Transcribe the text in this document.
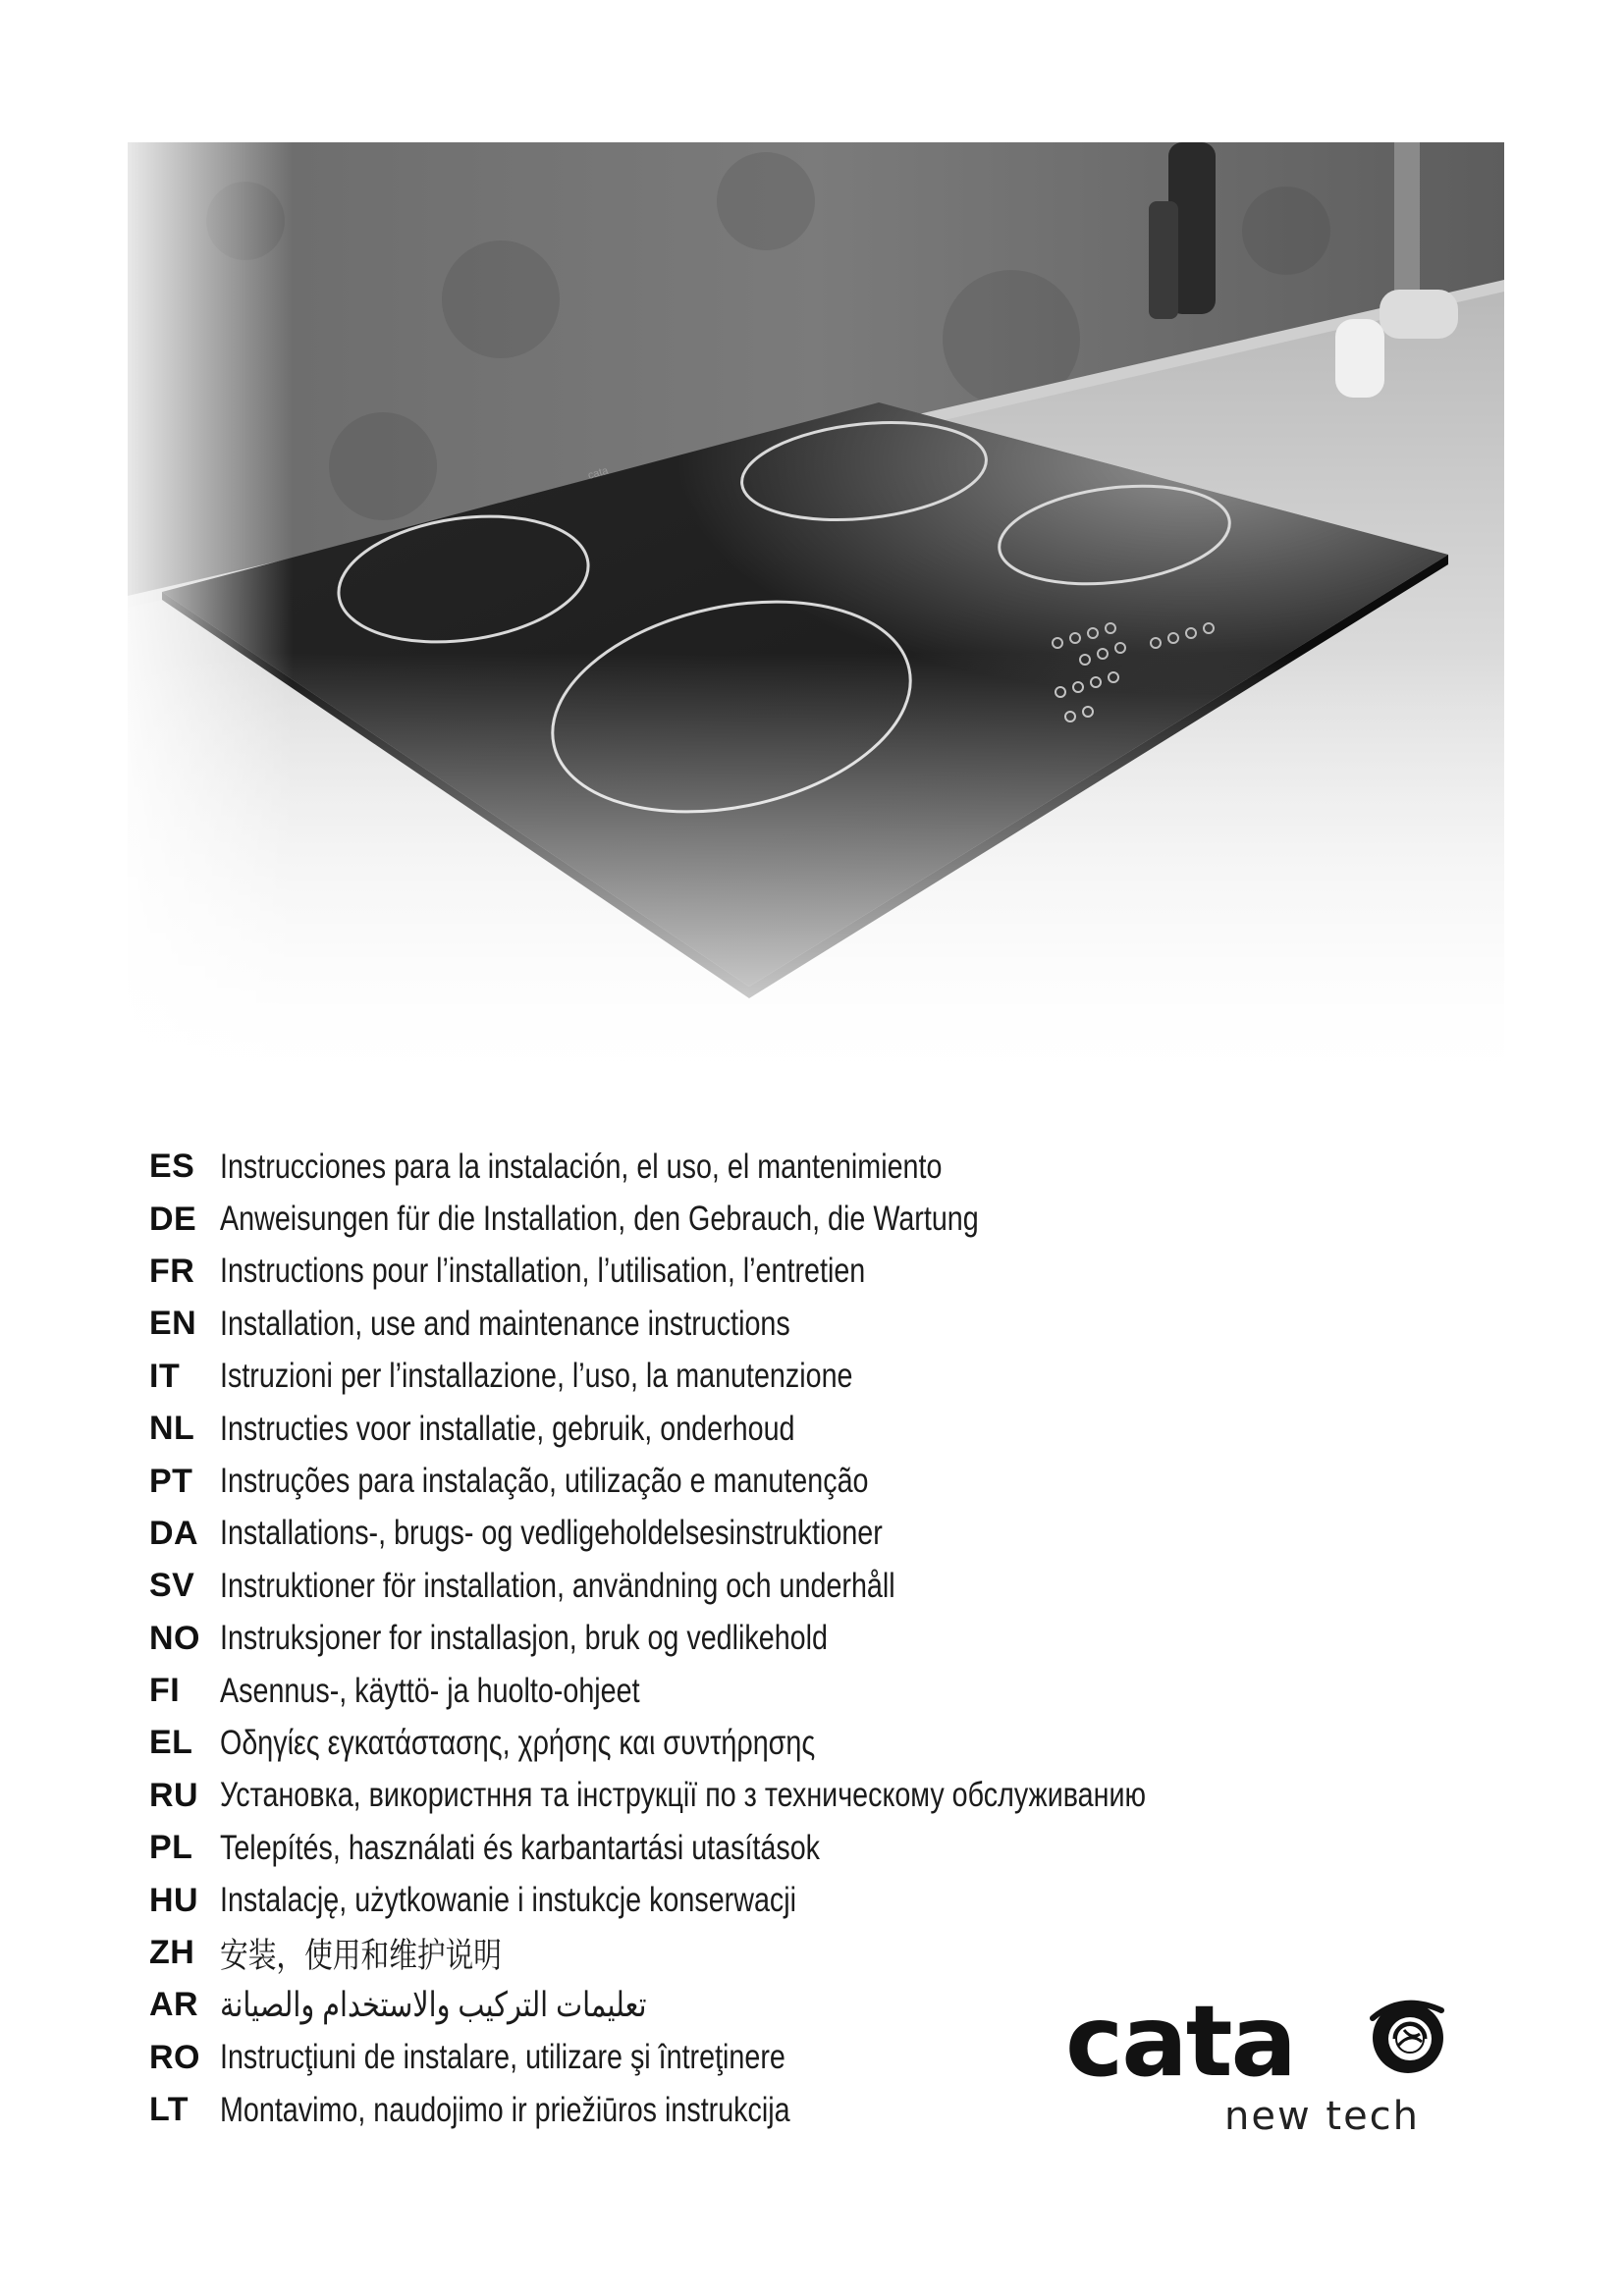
ES Instrucciones para la instalación, el uso, el mantenimiento
DE Anweisungen für die Installation, den Gebrauch, die Wartung
FR Instructions pour l’installation, l’utilisation, l’entretien
EN Installation, use and maintenance instructions
IT	Istruzioni per l’installazione, l’uso, la manutenzione
NL Instructies voor installatie, gebruik, onderhoud
PT Instruções para instalação, utilização e manutenção
DA Installations-, brugs- og vedligeholdelsesinstruktioner
SV Instruktioner för installation, användning och underhåll
NO Instruksjoner for installasjon, bruk og vedlikehold
FI	Asennus-, käyttö- ja huolto-ohjeet
EL Οδηγίες εγκατάστασης, χρήσης και συντήρησης
RU Установка, використння та інструкції по з техническому обслуживанию
PL Telepítés, használati és karbantartási utasítások
HU Instalację, użytkowanie i instukcje konserwacji
ZH 安装，使用和维护说明
AR تعليمات التركيب والاستخدام والصيانة
RO Instrucţiuni de instalare, utilizare şi întreţinere
LT Montavimo, naudojimo ir priežiūros instrukcija
cata
new tech
